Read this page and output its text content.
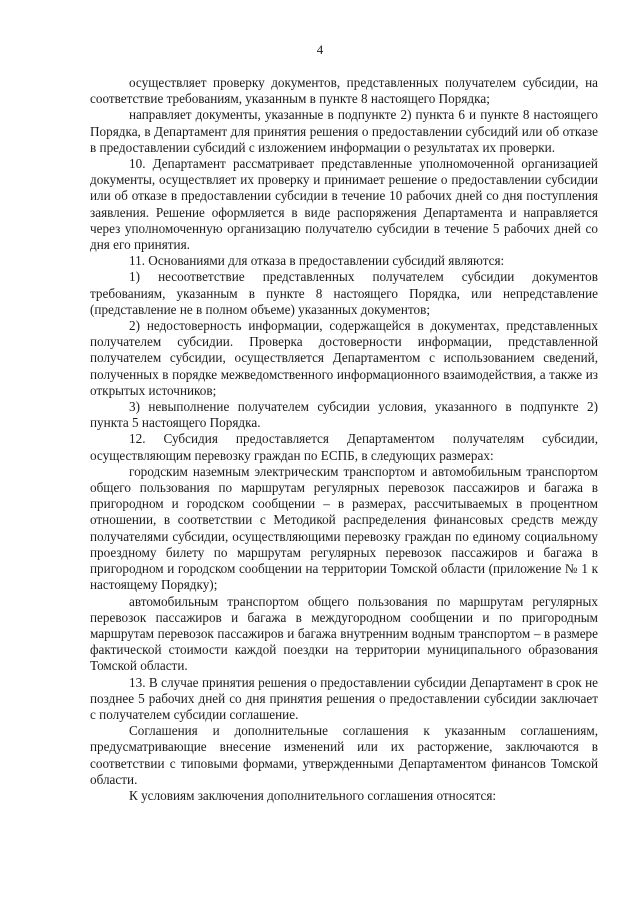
4

осуществляет проверку документов, представленных получателем субсидии, на соответствие требованиям, указанным в пункте 8 настоящего Порядка;

направляет документы, указанные в подпункте 2) пункта 6 и пункте 8 настоящего Порядка, в Департамент для принятия решения о предоставлении субсидий или об отказе в предоставлении субсидий с изложением информации о результатах их проверки.

10. Департамент рассматривает представленные уполномоченной организацией документы, осуществляет их проверку и принимает решение о предоставлении субсидии или об отказе в предоставлении субсидии в течение 10 рабочих дней со дня поступления заявления. Решение оформляется в виде распоряжения Департамента и направляется через уполномоченную организацию получателю субсидии в течение 5 рабочих дней со дня его принятия.

11. Основаниями для отказа в предоставлении субсидий являются:

1) несоответствие представленных получателем субсидии документов требованиям, указанным в пункте 8 настоящего Порядка, или непредставление (представление не в полном объеме) указанных документов;

2) недостоверность информации, содержащейся в документах, представленных получателем субсидии. Проверка достоверности информации, представленной получателем субсидии, осуществляется Департаментом с использованием сведений, полученных в порядке межведомственного информационного взаимодействия, а также из открытых источников;

3) невыполнение получателем субсидии условия, указанного в подпункте 2) пункта 5 настоящего Порядка.

12. Субсидия предоставляется Департаментом получателям субсидии, осуществляющим перевозку граждан по ЕСПБ, в следующих размерах:

городским наземным электрическим транспортом и автомобильным транспортом общего пользования по маршрутам регулярных перевозок пассажиров и багажа в пригородном и городском сообщении – в размерах, рассчитываемых в процентном отношении, в соответствии с Методикой распределения финансовых средств между получателями субсидии, осуществляющими перевозку граждан по единому социальному проездному билету по маршрутам регулярных перевозок пассажиров и багажа в пригородном и городском сообщении на территории Томской области (приложение № 1 к настоящему Порядку);

автомобильным транспортом общего пользования по маршрутам регулярных перевозок пассажиров и багажа в междугородном сообщении и по пригородным маршрутам перевозок пассажиров и багажа внутренним водным транспортом – в размере фактической стоимости каждой поездки на территории муниципального образования Томской области.

13. В случае принятия решения о предоставлении субсидии Департамент в срок не позднее 5 рабочих дней со дня принятия решения о предоставлении субсидии заключает с получателем субсидии соглашение.

Соглашения и дополнительные соглашения к указанным соглашениям, предусматривающие внесение изменений или их расторжение, заключаются в соответствии с типовыми формами, утвержденными Департаментом финансов Томской области.

К условиям заключения дополнительного соглашения относятся:
